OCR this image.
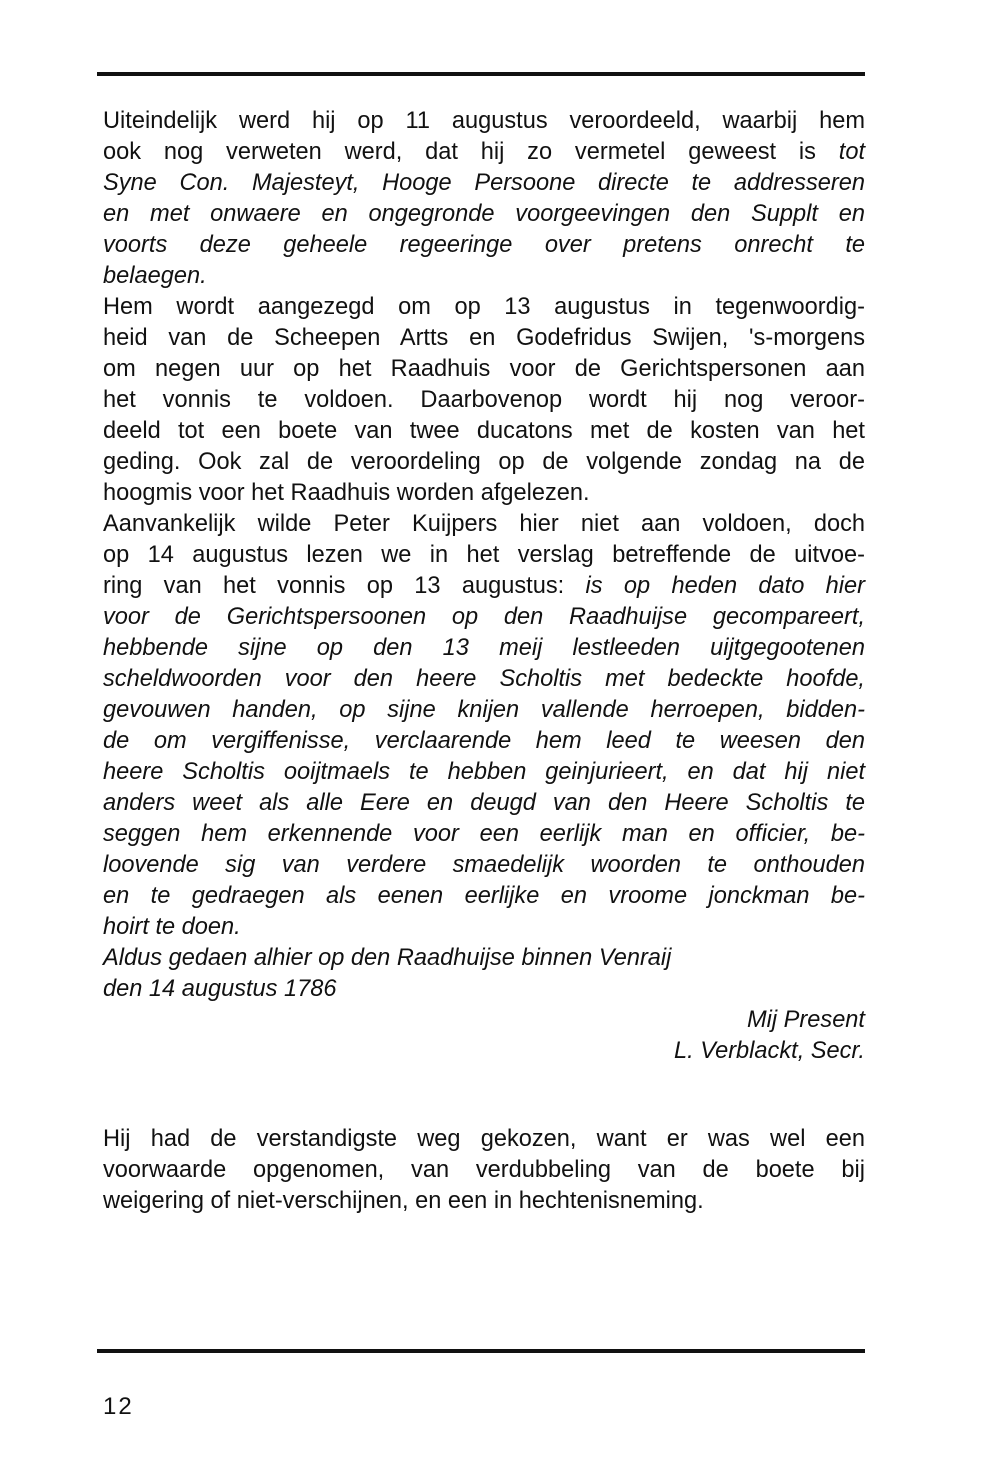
Uiteindelijk werd hij op 11 augustus veroordeeld, waarbij hem
ook nog verweten werd, dat hij zo vermetel geweest is tot
Syne Con. Majesteyt, Hooge Persoone directe te addresseren
en met onwaere en ongegronde voorgeevingen den Supplt en
voorts deze geheele regeeringe over pretens onrecht te
belaegen.
Hem wordt aangezegd om op 13 augustus in tegenwoordig-
heid van de Scheepen Artts en Godefridus Swijen, 's-morgens
om negen uur op het Raadhuis voor de Gerichtspersonen aan
het vonnis te voldoen. Daarbovenop wordt hij nog veroor-
deeld tot een boete van twee ducatons met de kosten van het
geding. Ook zal de veroordeling op de volgende zondag na de
hoogmis voor het Raadhuis worden afgelezen.
Aanvankelijk wilde Peter Kuijpers hier niet aan voldoen, doch
op 14 augustus lezen we in het verslag betreffende de uitvoe-
ring van het vonnis op 13 augustus: is op heden dato hier
voor de Gerichtspersoonen op den Raadhuijse gecompareert,
hebbende sijne op den 13 meij lestleeden uijtgegootenen
scheldwoorden voor den heere Scholtis met bedeckte hoofde,
gevouwen handen, op sijne knijen vallende herroepen, bidden-
de om vergiffenisse, verclaarende hem leed te weesen den
heere Scholtis ooijtmaels te hebben geinjurieert, en dat hij niet
anders weet als alle Eere en deugd van den Heere Scholtis te
seggen hem erkennende voor een eerlijk man en officier, be-
loovende sig van verdere smaedelijk woorden te onthouden
en te gedraegen als eenen eerlijke en vroome jonckman be-
hoirt te doen.
Aldus gedaen alhier op den Raadhuijse binnen Venraij
den 14 augustus 1786
Mij Present
L. Verblackt, Secr.
Hij had de verstandigste weg gekozen, want er was wel een
voorwaarde opgenomen, van verdubbeling van de boete bij
weigering of niet-verschijnen, en een in hechtenisneming.
12
